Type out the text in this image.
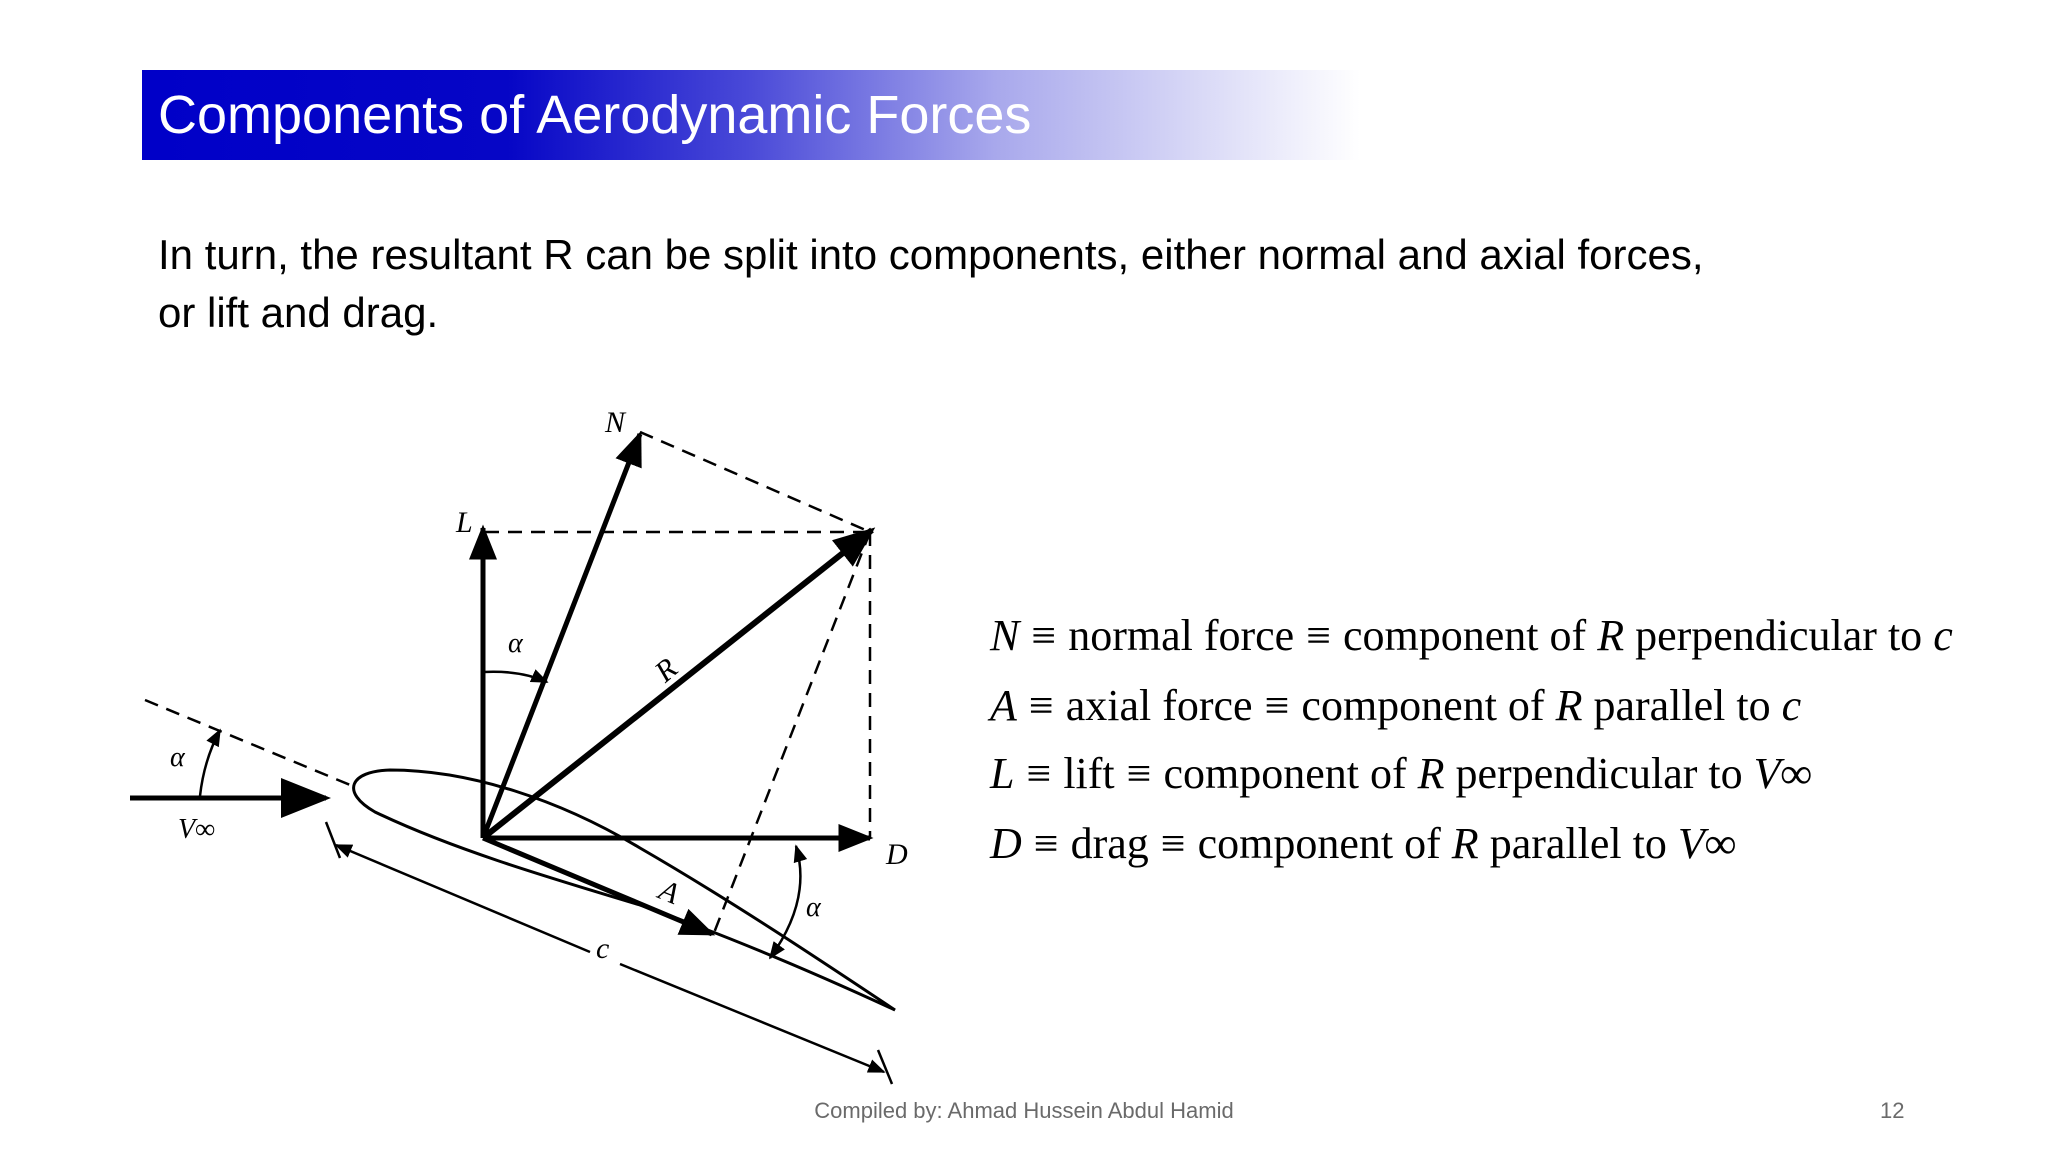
Components of Aerodynamic Forces
In turn, the resultant R can be split into components, either normal and axial forces,
or lift and drag.
N
L
R
D
A
c
α
α
α
V∞
N ≡ normal force ≡ component of R perpendicular to c
A ≡ axial force ≡ component of R parallel to c
L ≡ lift ≡ component of R perpendicular to V∞
D ≡ drag ≡ component of R parallel to V∞
Compiled by: Ahmad Hussein Abdul Hamid	12
